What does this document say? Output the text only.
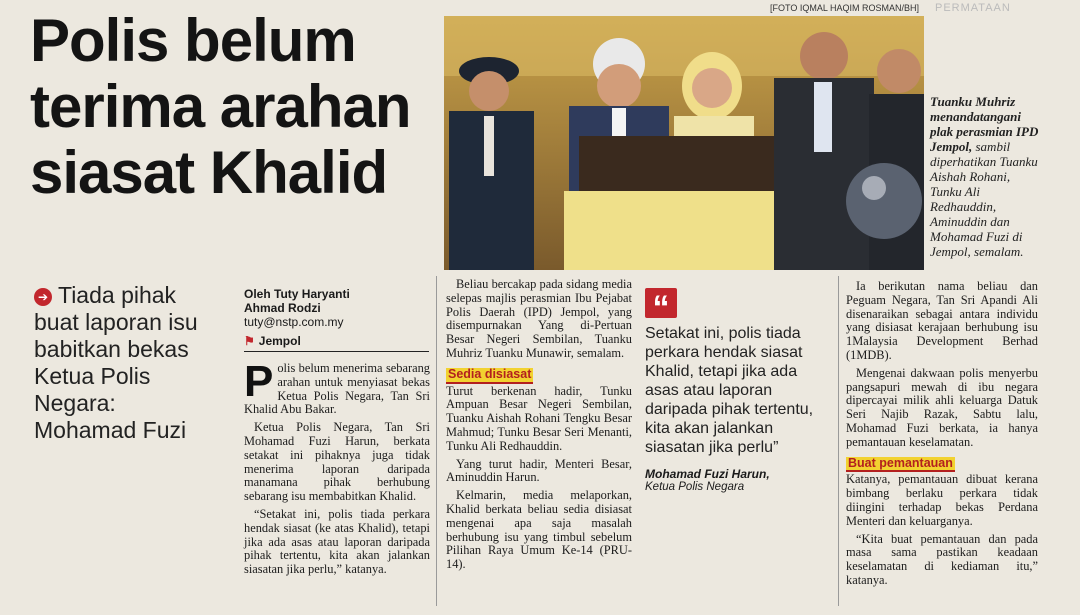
[FOTO IQMAL HAQIM ROSMAN/BH] PERMATAAN
Polis belum
terima arahan
siasat Khalid
Tuanku Muhriz menandatangani plak perasmian IPD Jempol, sambil diperhatikan Tuanku Aishah Rohani, Tunku Ali Redhauddin, Aminuddin dan Mohamad Fuzi di Jempol, semalam.
➔ Tiada pihak buat laporan isu babitkan bekas Ketua Polis Negara: Mohamad Fuzi
Oleh Tuty Haryanti
Ahmad Rodzi
tuty@nstp.com.my
⚑ Jempol

Polis belum menerima sebarang arahan untuk menyiasat bekas Ketua Polis Negara, Tan Sri Khalid Abu Bakar.

Ketua Polis Negara, Tan Sri Mohamad Fuzi Harun, berkata setakat ini pihaknya juga tidak menerima laporan daripada manamana pihak berhubung sebarang isu membabitkan Khalid.

“Setakat ini, polis tiada perkara hendak siasat (ke atas Khalid), tetapi jika ada asas atau laporan daripada pihak tertentu, kita akan jalankan siasatan jika perlu,” katanya.

Beliau bercakap pada sidang media selepas majlis perasmian Ibu Pejabat Polis Daerah (IPD) Jempol, yang disempurnakan Yang di-Pertuan Besar Negeri Sembilan, Tuanku Muhriz Tuanku Munawir, semalam.

Sedia disiasat

Turut berkenan hadir, Tunku Ampuan Besar Negeri Sembilan, Tuanku Aishah Rohani Tengku Besar Mahmud; Tunku Besar Seri Menanti, Tunku Ali Redhauddin.

Yang turut hadir, Menteri Besar, Aminuddin Harun.

Kelmarin, media melaporkan, Khalid berkata beliau sedia disiasat mengenai apa saja masalah berhubung isu yang timbul sebelum Pilihan Raya Umum Ke-14 (PRU-14).

“
Setakat ini, polis tiada perkara hendak siasat Khalid, tetapi jika ada asas atau laporan daripada pihak tertentu, kita akan jalankan siasatan jika perlu”
Mohamad Fuzi Harun,
Ketua Polis Negara

Ia berikutan nama beliau dan Peguam Negara, Tan Sri Apandi Ali disenaraikan sebagai antara individu yang disiasat kerajaan berhubung isu 1Malaysia Development Berhad (1MDB).

Mengenai dakwaan polis menyerbu pangsapuri mewah di ibu negara dipercayai milik ahli keluarga Datuk Seri Najib Razak, Sabtu lalu, Mohamad Fuzi berkata, ia hanya pemantauan keselamatan.

Buat pemantauan

Katanya, pemantauan dibuat kerana bimbang berlaku perkara tidak diingini terhadap bekas Perdana Menteri dan keluarganya.

“Kita buat pemantauan dan pada masa sama pastikan keadaan keselamatan di kediaman itu,” katanya.
